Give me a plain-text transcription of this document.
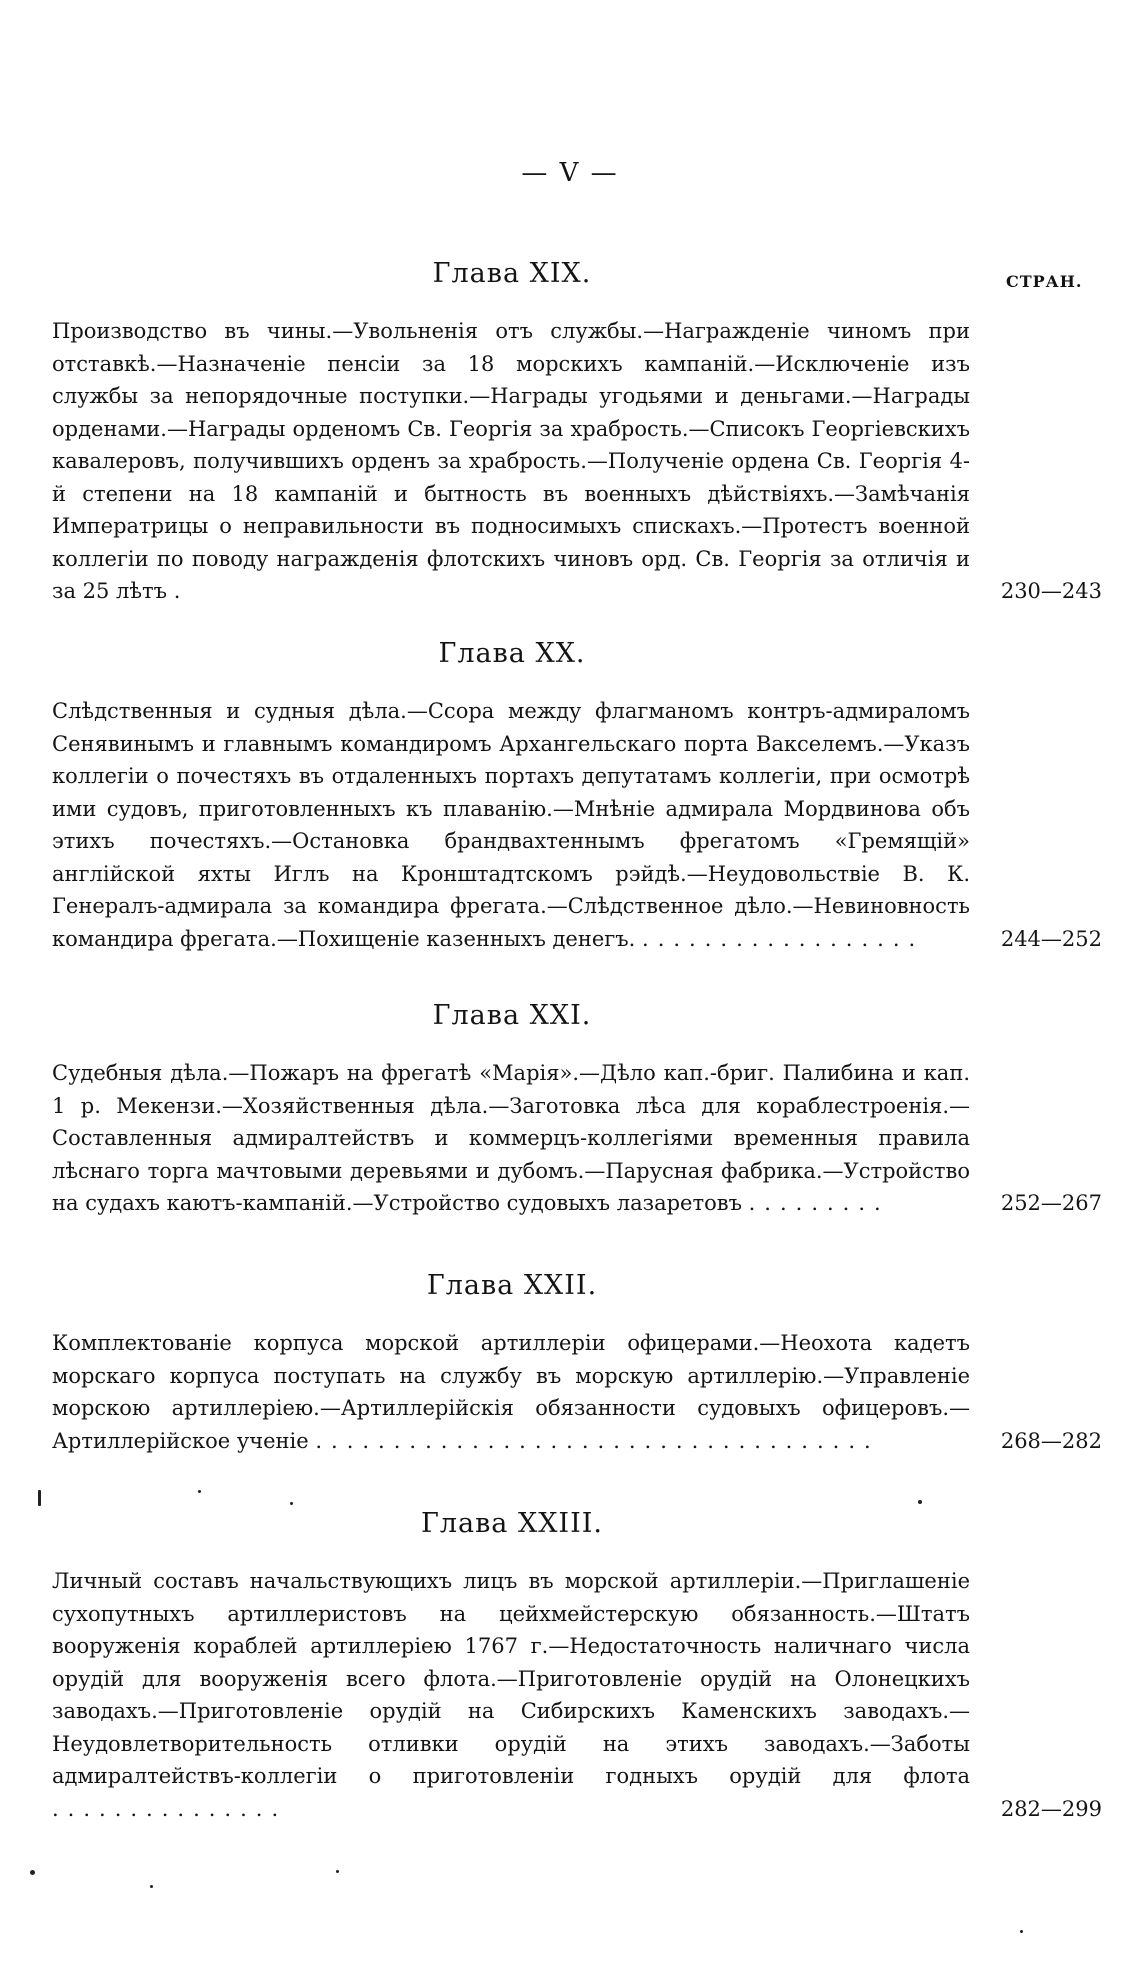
— V —
СТРАН.
Глава XIX.
Производство въ чины.—Увольненiя отъ службы.—Награжденiе чиномъ при отставкѣ.—Назначенiе пенсiи за 18 морскихъ кампанiй.—Исключенiе изъ службы за непорядочные поступки.—Награды угодьями и деньгами.—Награды орденами.—Награды орденомъ Св. Георгiя за храбрость.—Списокъ Георгiевскихъ кавалеровъ, получившихъ орденъ за храбрость.—Полученiе ордена Св. Георгiя 4-й степени на 18 кампанiй и бытность въ военныхъ дѣйствiяхъ.—Замѣчанiя Императрицы о неправильности въ подносимыхъ спискахъ.—Протестъ военной коллегiи по поводу награжденiя флотскихъ чиновъ орд. Св. Георгiя за отличiя и за 25 лѣтъ .	230—243
Глава XX.
Слѣдственныя и судныя дѣла.—Ссора между флагманомъ контръ-адмираломъ Сенявинымъ и главнымъ командиромъ Архангельскаго порта Вакселемъ.—Указъ коллегiи о почестяхъ въ отдаленныхъ портахъ депутатамъ коллегiи, при осмотрѣ ими судовъ, приготовленныхъ къ плаванiю.—Мнѣнiе адмирала Мордвинова объ этихъ почестяхъ.—Остановка брандвахтеннымъ фрегатомъ «Гремящiй» англiйской яхты Иглъ на Кронштадтскомъ рэйдѣ.—Неудовольствiе В. К. Генералъ-адмирала за командира фрегата.—Слѣдственное дѣло.—Невиновность командира фрегата.—Похищенiе казенныхъ денегъ. ..................	244—252
Глава XXI.
Судебныя дѣла.—Пожаръ на фрегатѣ «Марiя».—Дѣло кап.-бриг. Палибина и кап. 1 р. Мекензи.—Хозяйственныя дѣла.—Заготовка лѣса для кораблестроенiя.—Составленныя адмиралтействъ и коммерцъ-коллегiями временныя правила лѣснаго торга мачтовыми деревьями и дубомъ.—Парусная фабрика.—Устройство на судахъ каютъ-кампанiй.—Устройство судовыхъ лазаретовъ .........	252—267
Глава XXII.
Комплектованiе корпуса морской артиллерiи офицерами.—Неохота кадетъ морскаго корпуса поступать на службу въ морскую артиллерiю.—Управленiе морскою артиллерiею.—Артиллерiйскiя обязанности судовыхъ офицеровъ.—Артиллерiйское ученiе ....................................	268—282
Глава XXIII.
Личный составъ начальствующихъ лицъ въ морской артиллерiи.—Приглашенiе сухопутныхъ артиллеристовъ на цейхмейстерскую обязанность.—Штатъ вооруженiя кораблей артиллерiею 1767 г.—Недостаточность наличнаго числа орудiй для вооруженiя всего флота.—Приготовленiе орудiй на Олонецкихъ заводахъ.—Приготовленiе орудiй на Сибирскихъ Каменскихъ заводахъ.—Неудовлетворительность отливки орудiй на этихъ заводахъ.—Заботы адмиралтействъ-коллегiи о приготовленiи годныхъ орудiй для флота ...............	282—299
